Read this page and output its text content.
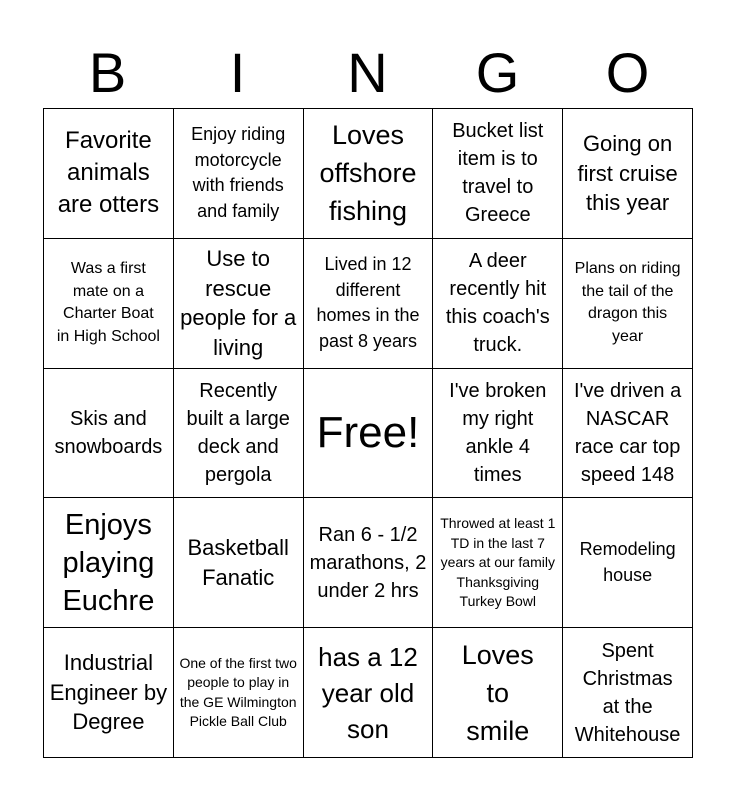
B	I	N	G	O
Favorite animals are otters
Enjoy riding motorcycle with friends and family
Loves offshore fishing
Bucket list item is to travel to Greece
Going on first cruise this year
Was a first mate on a Charter Boat in High School
Use to rescue people for a living
Lived in 12 different homes in the past 8 years
A deer recently hit this coach's truck.
Plans on riding the tail of the dragon this year
Skis and snowboards
Recently built a large deck and pergola
Free!
I've broken my right ankle 4 times
I've driven a NASCAR race car top speed 148
Enjoys playing Euchre
Basketball Fanatic
Ran 6 - 1/2 marathons, 2 under 2 hrs
Throwed at least 1 TD in the last 7 years at our family Thanksgiving Turkey Bowl
Remodeling house
Industrial Engineer by Degree
One of the first two people to play in the GE Wilmington Pickle Ball Club
has a 12 year old son
Loves to smile
Spent Christmas at the Whitehouse
